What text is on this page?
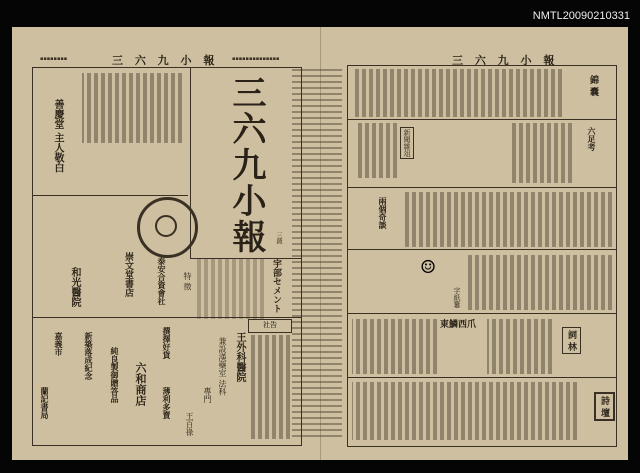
NMTL20090210331
▪▪▪▪▪▪▪▪	三 六 九 小 報	▪▪▪▪▪▪▪▪▪▪▪▪▪▪
善慶堂 主人敬白	三六九小報	三錢
宇部セメント
泰安合資會社 特 徵
崇文堂書店
和光醫院
王外科醫院
兼設漢藥室 法科
專門
王百祿
撰擇好貨
薄利多賣
六和商店
純良製御贈答品
新築落成紀念
嘉義市
蘭記書局
社告
三 六 九 小 報
錦 囊
六足考
新聞雜俎
兩個奇談
☺
字紙簍
東鱗西爪
詞 林
詩 壇
